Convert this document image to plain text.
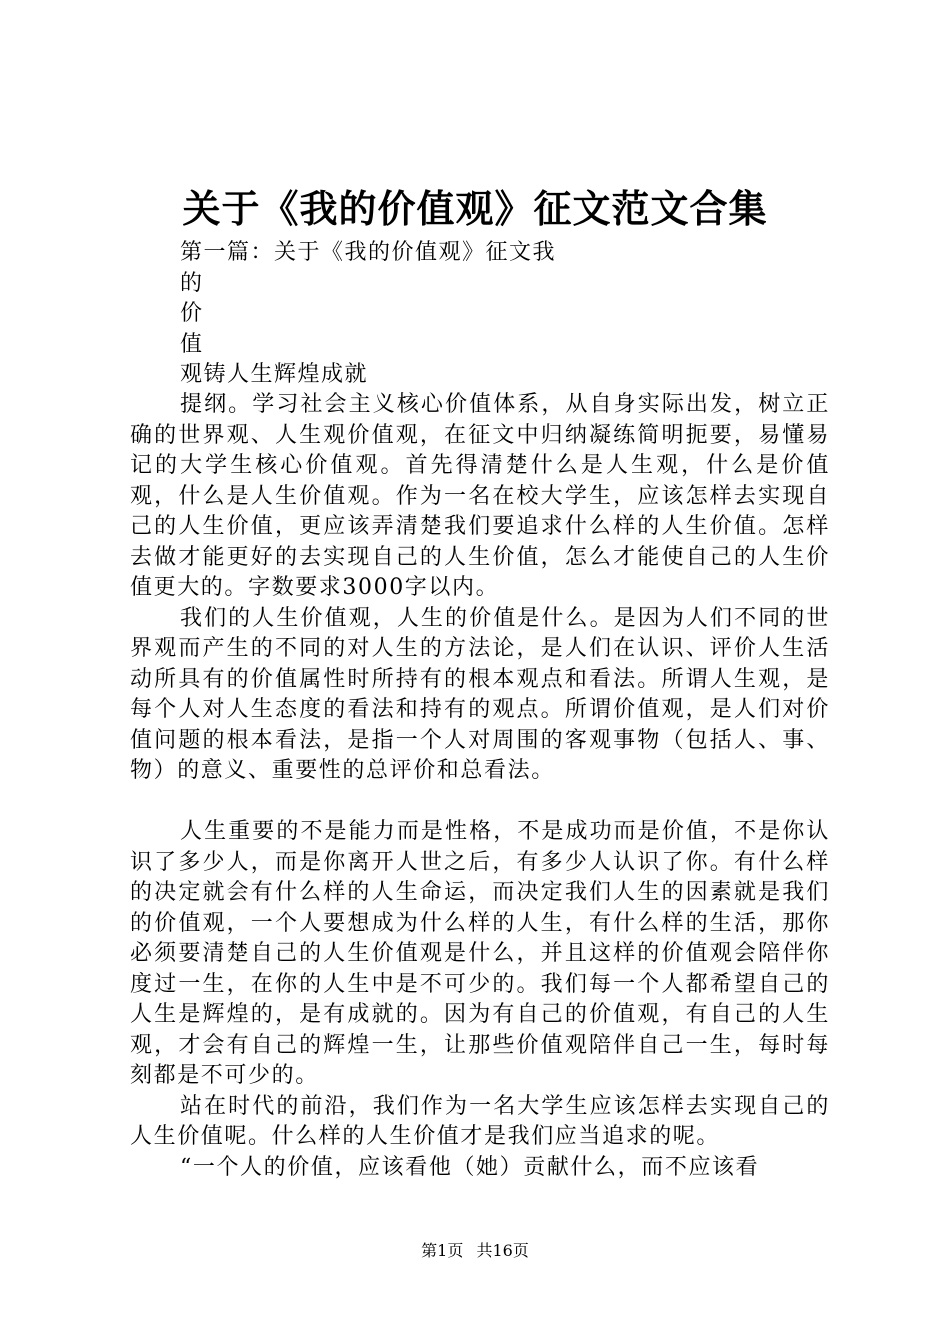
关于《我的价值观》征文范文合集
第一篇：关于《我的价值观》征文我
的
价
值
观铸人生辉煌成就

提纲。学习社会主义核心价值体系，从自身实际出发，树立正确的世界观、人生观价值观，在征文中归纳凝练简明扼要，易懂易记的大学生核心价值观。首先得清楚什么是人生观，什么是价值观，什么是人生价值观。作为一名在校大学生，应该怎样去实现自己的人生价值，更应该弄清楚我们要追求什么样的人生价值。怎样去做才能更好的去实现自己的人生价值，怎么才能使自己的人生价值更大的。字数要求3000字以内。

我们的人生价值观，人生的价值是什么。是因为人们不同的世界观而产生的不同的对人生的方法论，是人们在认识、评价人生活动所具有的价值属性时所持有的根本观点和看法。所谓人生观，是每个人对人生态度的看法和持有的观点。所谓价值观，是人们对价值问题的根本看法，是指一个人对周围的客观事物（包括人、事、物）的意义、重要性的总评价和总看法。

人生重要的不是能力而是性格，不是成功而是价值，不是你认识了多少人，而是你离开人世之后，有多少人认识了你。有什么样的决定就会有什么样的人生命运，而决定我们人生的因素就是我们的价值观，一个人要想成为什么样的人生，有什么样的生活，那你必须要清楚自己的人生价值观是什么，并且这样的价值观会陪伴你度过一生，在你的人生中是不可少的。我们每一个人都希望自己的人生是辉煌的，是有成就的。因为有自己的价值观，有自己的人生观，才会有自己的辉煌一生，让那些价值观陪伴自己一生，每时每刻都是不可少的。

站在时代的前沿，我们作为一名大学生应该怎样去实现自己的人生价值呢。什么样的人生价值才是我们应当追求的呢。

“一个人的价值，应该看他（她）贡献什么，而不应该看

第1页 共16页
